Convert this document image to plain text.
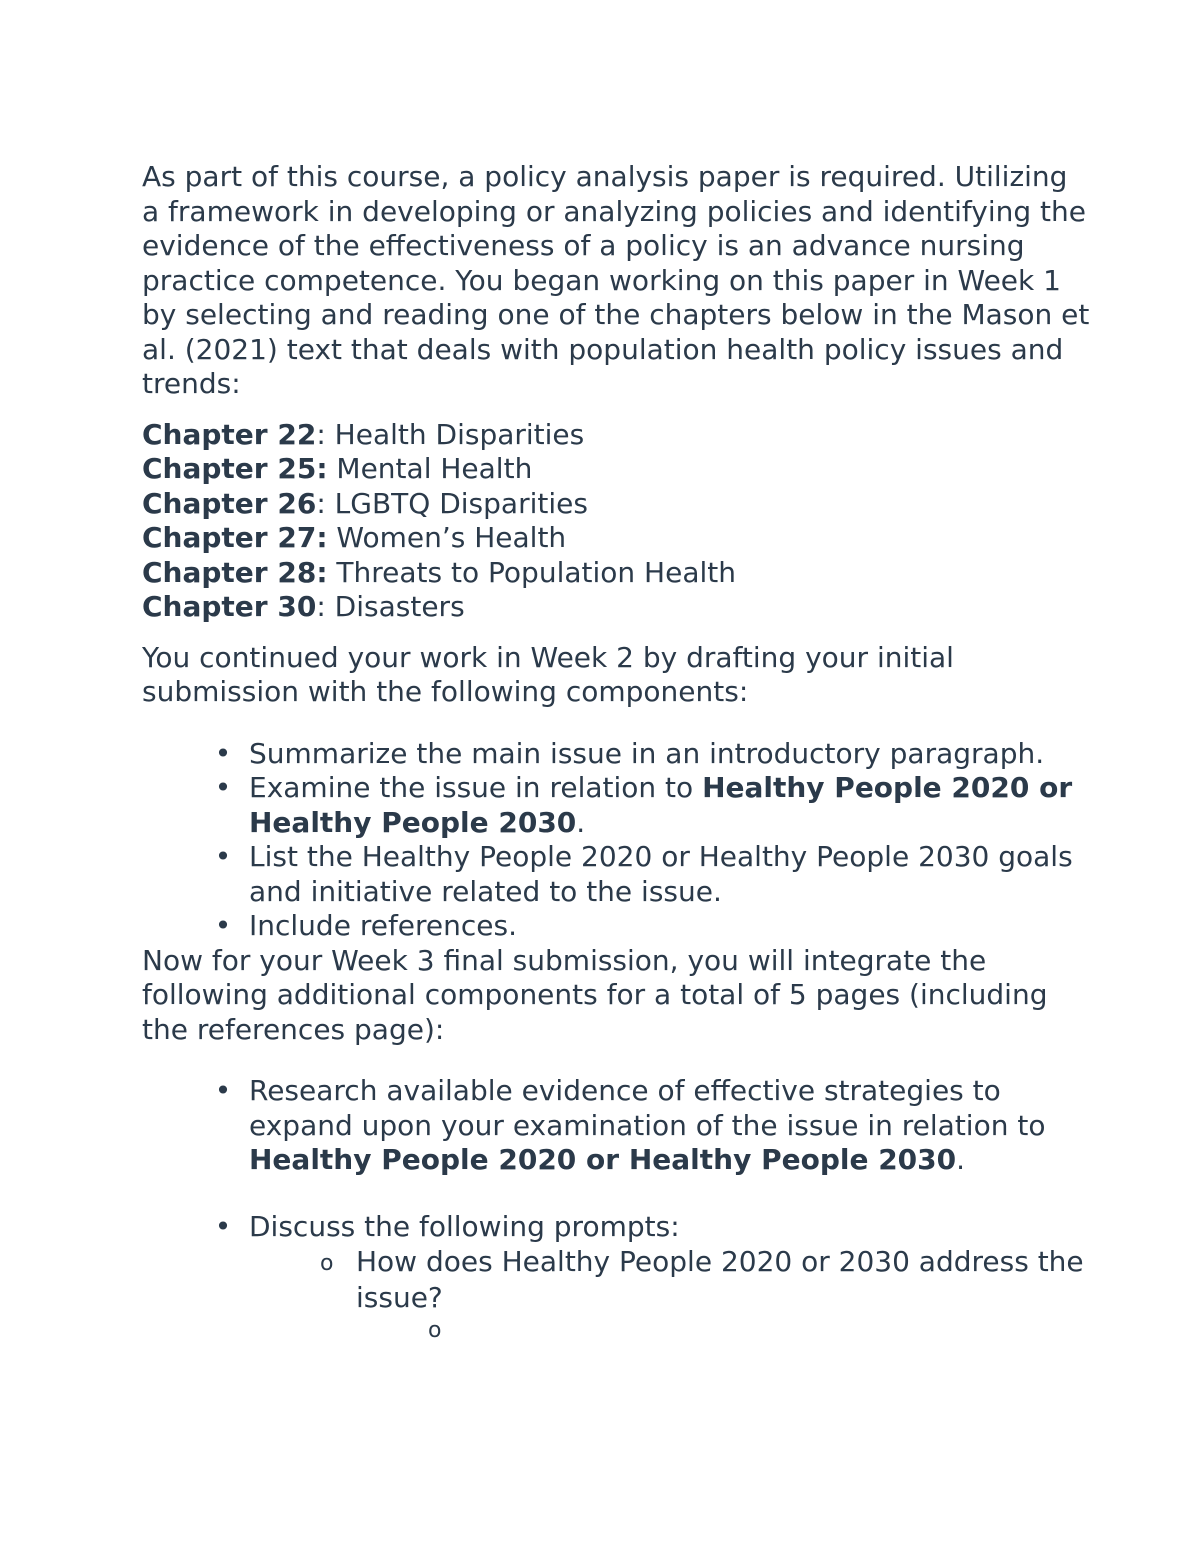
As part of this course, a policy analysis paper is required. Utilizing a framework in developing or analyzing policies and identifying the evidence of the effectiveness of a policy is an advance nursing practice competence. You began working on this paper in Week 1 by selecting and reading one of the chapters below in the Mason et al. (2021) text that deals with population health policy issues and trends:

Chapter 22: Health Disparities
Chapter 25: Mental Health
Chapter 26: LGBTQ Disparities
Chapter 27: Women’s Health
Chapter 28: Threats to Population Health
Chapter 30: Disasters

You continued your work in Week 2 by drafting your initial submission with the following components:

• Summarize the main issue in an introductory paragraph.
• Examine the issue in relation to Healthy People 2020 or Healthy People 2030.
• List the Healthy People 2020 or Healthy People 2030 goals and initiative related to the issue.
• Include references.

Now for your Week 3 final submission, you will integrate the following additional components for a total of 5 pages (including the references page):

• Research available evidence of effective strategies to expand upon your examination of the issue in relation to Healthy People 2020 or Healthy People 2030.
• Discuss the following prompts:
o How does Healthy People 2020 or 2030 address the issue?
o
